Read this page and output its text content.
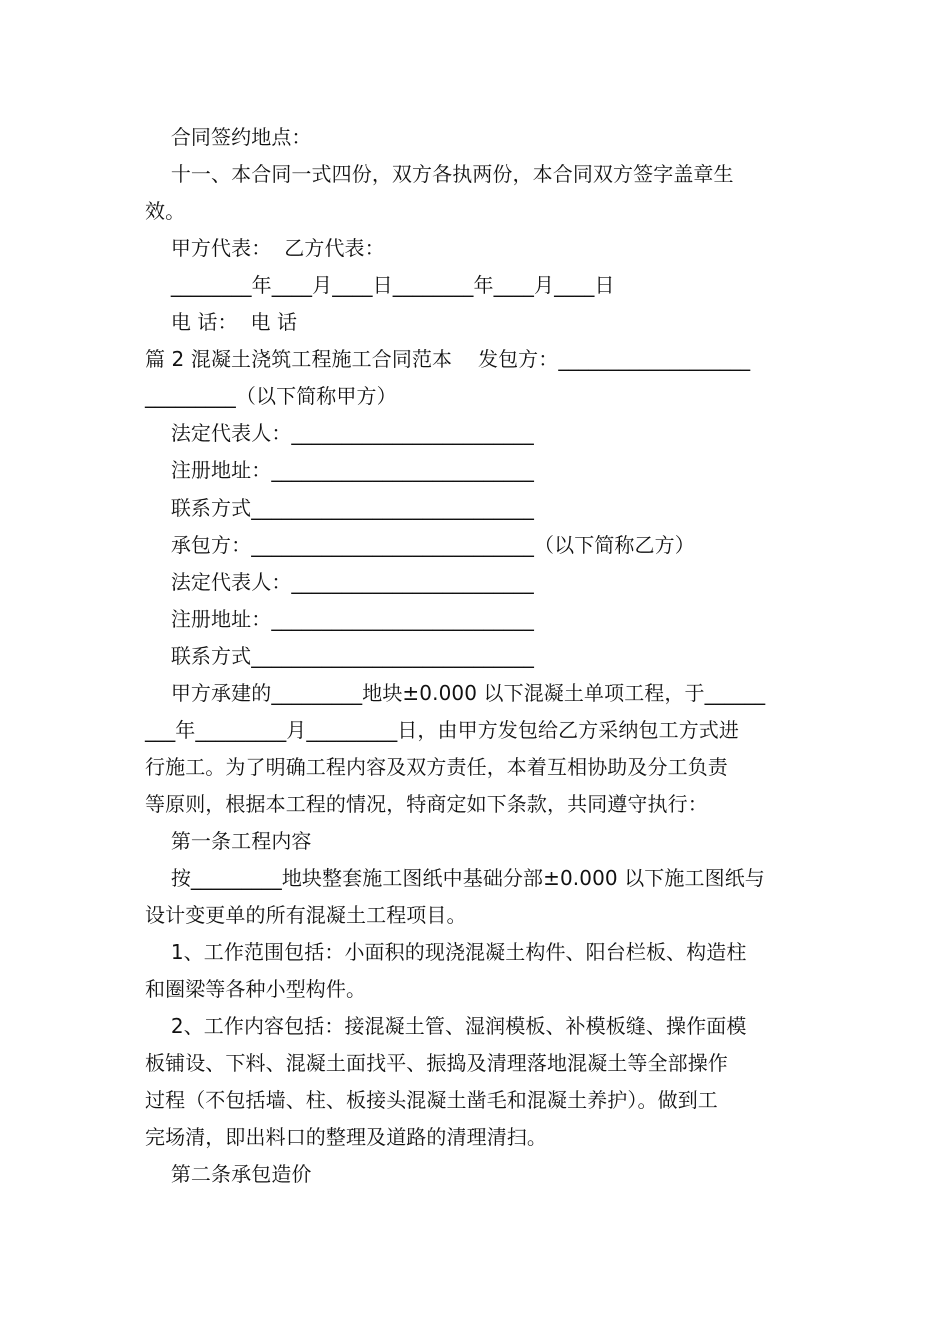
合同签约地点：
十一、本合同一式四份，双方各执两份，本合同双方签字盖章生
效。
甲方代表：  乙方代表：
________年____月____日________年____月____日
电 话：  电 话
篇 2 混凝土浇筑工程施工合同范本    发包方：___________________
_________（以下简称甲方）
法定代表人：________________________
注册地址：__________________________
联系方式____________________________
承包方：____________________________（以下简称乙方）
法定代表人：________________________
注册地址：__________________________
联系方式____________________________
甲方承建的_________地块±0.000 以下混凝土单项工程，于______
___年_________月_________日，由甲方发包给乙方采纳包工方式进
行施工。为了明确工程内容及双方责任，本着互相协助及分工负责
等原则，根据本工程的情况，特商定如下条款，共同遵守执行：
第一条工程内容
按_________地块整套施工图纸中基础分部±0.000 以下施工图纸与
设计变更单的所有混凝土工程项目。
1、工作范围包括：小面积的现浇混凝土构件、阳台栏板、构造柱
和圈梁等各种小型构件。
2、工作内容包括：接混凝土管、湿润模板、补模板缝、操作面模
板铺设、下料、混凝土面找平、振捣及清理落地混凝土等全部操作
过程（不包括墙、柱、板接头混凝土凿毛和混凝土养护）。做到工
完场清，即出料口的整理及道路的清理清扫。
第二条承包造价
